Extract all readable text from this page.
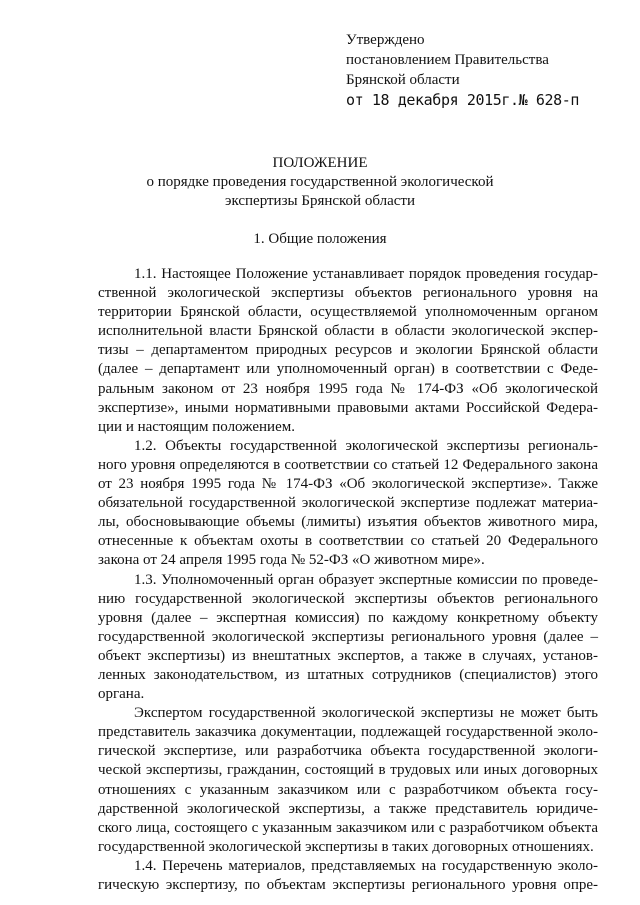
Утверждено
постановлением Правительства
Брянской области
от 18 декабря 2015г.№ 628-п
ПОЛОЖЕНИЕ
о порядке проведения государственной экологической
экспертизы Брянской области
1. Общие положения
1.1. Настоящее Положение устанавливает порядок проведения государ-
ственной экологической экспертизы объектов регионального уровня на
территории Брянской области, осуществляемой уполномоченным органом
исполнительной власти Брянской области в области экологической экспер-
тизы – департаментом природных ресурсов и экологии Брянской области
(далее – департамент или уполномоченный орган) в соответствии с Феде-
ральным законом от 23 ноября 1995 года № 174-ФЗ «Об экологической
экспертизе», иными нормативными правовыми актами Российской Федера-
ции и настоящим положением.
1.2. Объекты государственной экологической экспертизы региональ-
ного уровня определяются в соответствии со статьей 12 Федерального закона
от 23 ноября 1995 года № 174-ФЗ «Об экологической экспертизе». Также
обязательной государственной экологической экспертизе подлежат материа-
лы, обосновывающие объемы (лимиты) изъятия объектов животного мира,
отнесенные к объектам охоты в соответствии со статьей 20 Федерального
закона от 24 апреля 1995 года № 52-ФЗ «О животном мире».
1.3. Уполномоченный орган образует экспертные комиссии по проведе-
нию государственной экологической экспертизы объектов регионального
уровня (далее – экспертная комиссия) по каждому конкретному объекту
государственной экологической экспертизы регионального уровня (далее –
объект экспертизы) из внештатных экспертов, а также в случаях, установ-
ленных законодательством, из штатных сотрудников (специалистов) этого
органа.
Экспертом государственной экологической экспертизы не может быть
представитель заказчика документации, подлежащей государственной эколо-
гической экспертизе, или разработчика объекта государственной экологи-
ческой экспертизы, гражданин, состоящий в трудовых или иных договорных
отношениях с указанным заказчиком или с разработчиком объекта госу-
дарственной экологической экспертизы, а также представитель юридиче-
ского лица, состоящего с указанным заказчиком или с разработчиком объекта
государственной экологической экспертизы в таких договорных отношениях.
1.4. Перечень материалов, представляемых на государственную эколо-
гическую экспертизу, по объектам экспертизы регионального уровня опре-
